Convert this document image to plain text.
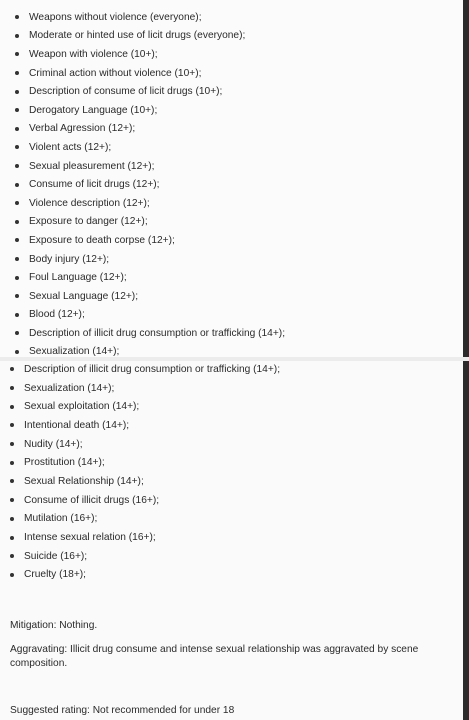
Weapons without violence (everyone);
Moderate or hinted use of licit drugs (everyone);
Weapon with violence (10+);
Criminal action without violence (10+);
Description of consume of licit drugs (10+);
Derogatory Language (10+);
Verbal Agression (12+);
Violent acts (12+);
Sexual pleasurement (12+);
Consume of licit drugs (12+);
Violence description (12+);
Exposure to danger (12+);
Exposure to death corpse (12+);
Body injury (12+);
Foul Language (12+);
Sexual Language (12+);
Blood (12+);
Description of illicit drug consumption or trafficking (14+);
Sexualization (14+);
Description of illicit drug consumption or trafficking (14+);
Sexualization (14+);
Sexual exploitation (14+);
Intentional death (14+);
Nudity (14+);
Prostitution (14+);
Sexual Relationship (14+);
Consume of illicit drugs (16+);
Mutilation (16+);
Intense sexual relation (16+);
Suicide (16+);
Cruelty (18+);
Mitigation: Nothing.
Aggravating: Illicit drug consume and intense sexual relationship was aggravated by scene composition.
Suggested rating: Not recommended for under 18
